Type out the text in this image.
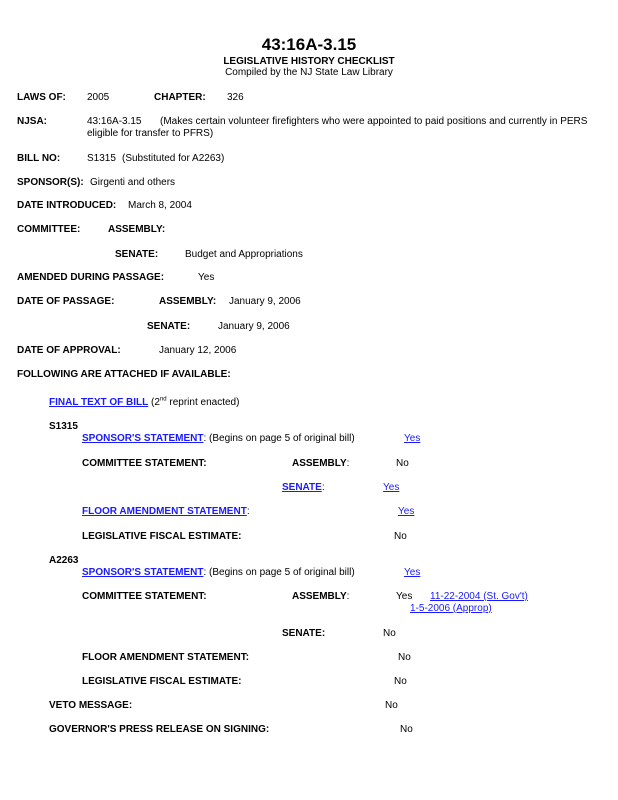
43:16A-3.15
LEGISLATIVE HISTORY CHECKLIST
Compiled by the NJ State Law Library
LAWS OF: 2005	CHAPTER: 326
NJSA:	43:16A-3.15 (Makes certain volunteer firefighters who were appointed to paid positions and currently in PERS
eligible for transfer to PFRS)
BILL NO:	S1315 (Substituted for A2263)
SPONSOR(S): Girgenti and others
DATE INTRODUCED: March 8, 2004
COMMITTEE:	ASSEMBLY:
SENATE:	Budget and Appropriations
AMENDED DURING PASSAGE:	Yes
DATE OF PASSAGE:	ASSEMBLY: January 9, 2006
SENATE:	January 9, 2006
DATE OF APPROVAL:	January 12, 2006
FOLLOWING ARE ATTACHED IF AVAILABLE:
FINAL TEXT OF BILL (2nd reprint enacted)
S1315
SPONSOR'S STATEMENT: (Begins on page 5 of original bill)	Yes
COMMITTEE STATEMENT:	ASSEMBLY:	No
SENATE:	Yes
FLOOR AMENDMENT STATEMENT:	Yes
LEGISLATIVE FISCAL ESTIMATE:	No
A2263
SPONSOR'S STATEMENT: (Begins on page 5 of original bill)	Yes
COMMITTEE STATEMENT:	ASSEMBLY:	Yes 11-22-2004 (St. Gov't)
1-5-2006 (Approp)
SENATE:	No
FLOOR AMENDMENT STATEMENT:	No
LEGISLATIVE FISCAL ESTIMATE:	No
VETO MESSAGE:	No
GOVERNOR'S PRESS RELEASE ON SIGNING:	No
